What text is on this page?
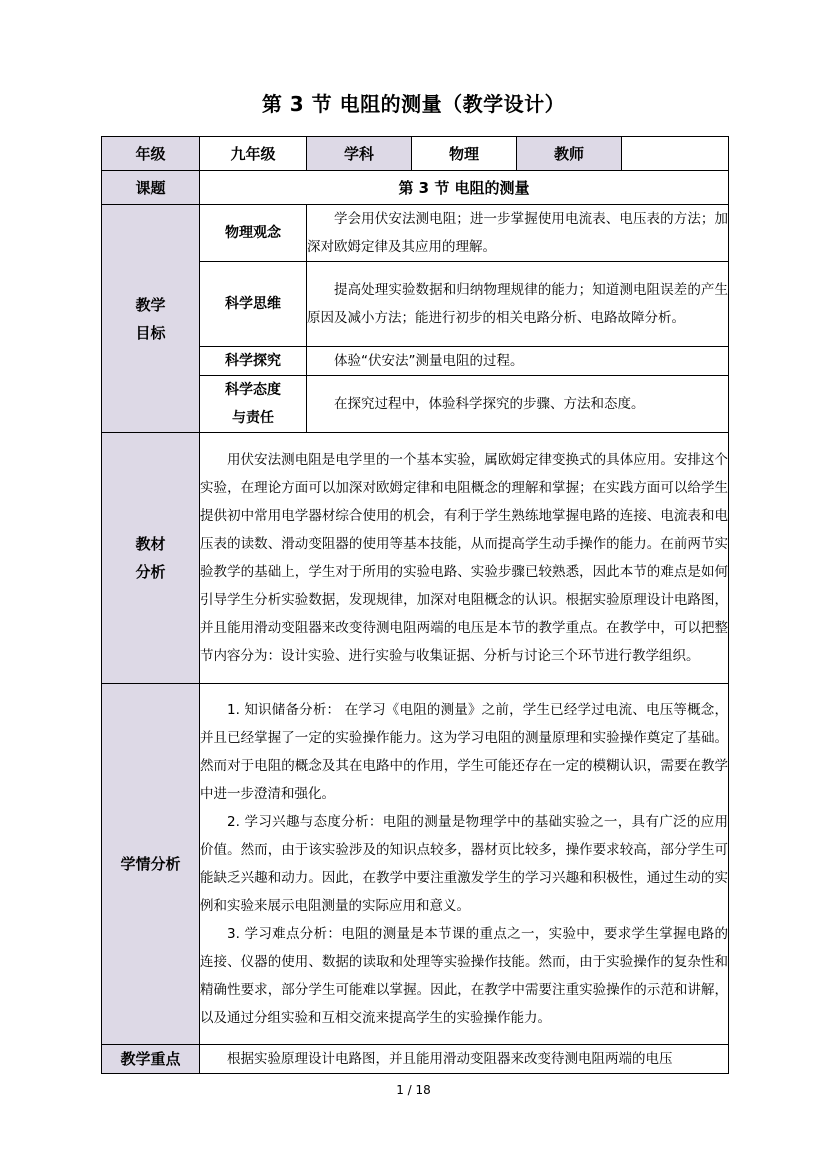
第 3 节 电阻的测量（教学设计）
年级	九年级	学科	物理	教师	
课题	第 3 节 电阻的测量				

教学
目标	物理观念	学会用伏安法测电阻；进一步掌握使用电流表、电压表的方法；加深对欧姆定律及其应用的理解。			

	科学思维	提高处理实验数据和归纳物理规律的能力；知道测电阻误差的产生原因及减小方法；能进行初步的相关电路分析、电路故障分析。			

	科学探究	体验“伏安法”测量电阻的过程。			

	科学态度
与责任	在探究过程中，体验科学探究的步骤、方法和态度。			

教材
分析	用伏安法测电阻是电学里的一个基本实验，属欧姆定律变换式的具体应用。安排这个实验，在理论方面可以加深对欧姆定律和电阻概念的理解和掌握；在实践方面可以给学生提供初中常用电学器材综合使用的机会，有利于学生熟练地掌握电路的连接、电流表和电压表的读数、滑动变阻器的使用等基本技能，从而提高学生动手操作的能力。在前两节实验教学的基础上，学生对于所用的实验电路、实验步骤已较熟悉，因此本节的难点是如何引导学生分析实验数据，发现规律，加深对电阻概念的认识。根据实验原理设计电路图，并且能用滑动变阻器来改变待测电阻两端的电压是本节的教学重点。在教学中，可以把整节内容分为：设计实验、进行实验与收集证据、分析与讨论三个环节进行教学组织。				

学情分析	1. 知识储备分析： 在学习《电阻的测量》之前，学生已经学过电流、电压等概念，并且已经掌握了一定的实验操作能力。这为学习电阻的测量原理和实验操作奠定了基础。然而对于电阻的概念及其在电路中的作用，学生可能还存在一定的模糊认识，需要在教学中进一步澄清和强化。

2. 学习兴趣与态度分析：电阻的测量是物理学中的基础实验之一，具有广泛的应用价值。然而，由于该实验涉及的知识点较多，器材页比较多，操作要求较高，部分学生可能缺乏兴趣和动力。因此，在教学中要注重激发学生的学习兴趣和积极性，通过生动的实例和实验来展示电阻测量的实际应用和意义。

3. 学习难点分析：电阻的测量是本节课的重点之一，实验中，要求学生掌握电路的连接、仪器的使用、数据的读取和处理等实验操作技能。然而，由于实验操作的复杂性和精确性要求，部分学生可能难以掌握。因此，在教学中需要注重实验操作的示范和讲解，以及通过分组实验和互相交流来提高学生的实验操作能力。				

教学重点	根据实验原理设计电路图，并且能用滑动变阻器来改变待测电阻两端的电压				

1 / 18
